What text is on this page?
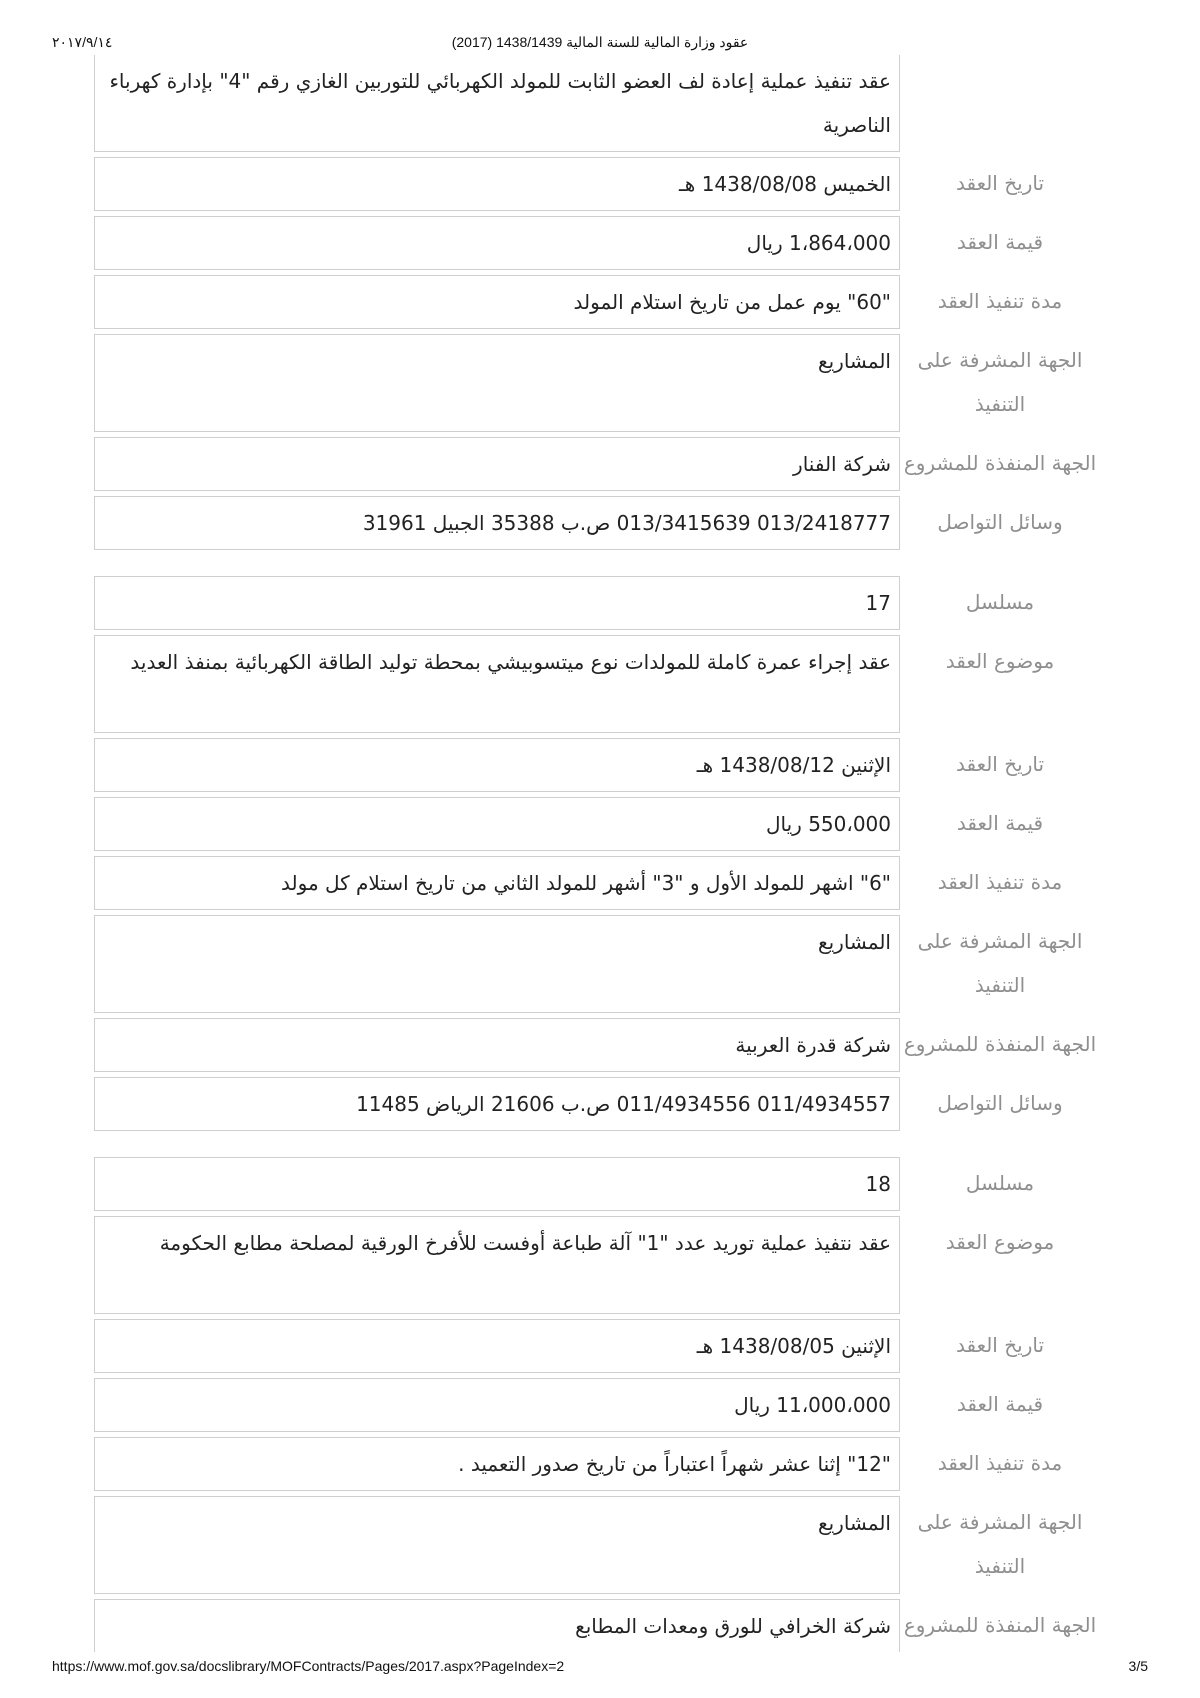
٢٠١٧/٩/١٤	(عقود وزارة المالية للسنة المالية 1438/1439 (2017
عقد تنفيذ عملية إعادة لف العضو الثابت للمولد الكهربائي للتوربين الغازي رقم "4" بإدارة كهرباء الناصرية
تاريخ العقد
الخميس 1438/08/08 هـ
قيمة العقد
1،864،000 ريال
مدة تنفيذ العقد
"60" يوم عمل من تاريخ استلام المولد
الجهة المشرفة على التنفيذ
المشاريع
الجهة المنفذة للمشروع
شركة الفنار
وسائل التواصل
013/2418777 013/3415639 ص.ب 35388 الجبيل 31961
مسلسل
17
موضوع العقد
عقد إجراء عمرة كاملة للمولدات نوع ميتسوبيشي بمحطة توليد الطاقة الكهربائية بمنفذ العديد
تاريخ العقد
الإثنين 1438/08/12 هـ
قيمة العقد
550،000 ريال
مدة تنفيذ العقد
"6" اشهر للمولد الأول و "3" أشهر للمولد الثاني من تاريخ استلام كل مولد
الجهة المشرفة على التنفيذ
المشاريع
الجهة المنفذة للمشروع
شركة قدرة العربية
وسائل التواصل
011/4934557 011/4934556 ص.ب 21606 الرياض 11485
مسلسل
18
موضوع العقد
عقد نتفيذ عملية توريد عدد "1" آلة طباعة أوفست للأفرخ الورقية لمصلحة مطابع الحكومة
تاريخ العقد
الإثنين 1438/08/05 هـ
قيمة العقد
11،000،000 ريال
مدة تنفيذ العقد
"12" إثنا عشر شهراً اعتباراً من تاريخ صدور التعميد .
الجهة المشرفة على التنفيذ
المشاريع
الجهة المنفذة للمشروع
شركة الخرافي للورق ومعدات المطابع
https://www.mof.gov.sa/docslibrary/MOFContracts/Pages/2017.aspx?PageIndex=2	3/5
